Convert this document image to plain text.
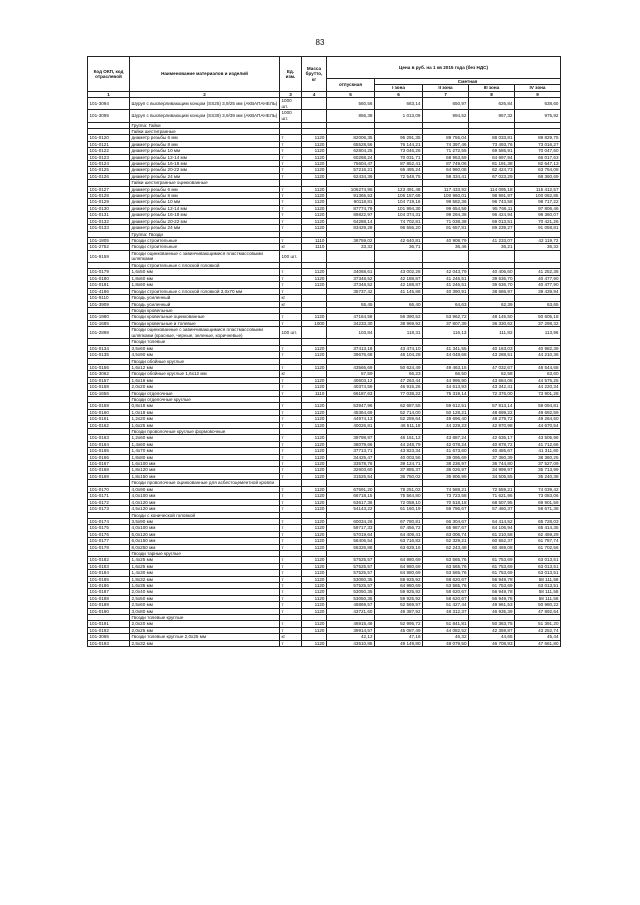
83
Код ОКП, код отраслевой	Наименование материалов и изделий	Ед. изм.	Масса брутто, кг	Цена в руб. на 1 кв 2015 года (без НДС)				
				отпускная	Сметная			
					I зона	II зона	III зона	IV зона
1	2	3	4	5	6	7	8	9
101-3094	Шуруп с высверливающим концом (SS25) 3,9/25 мм (АКВАПАНЕЛЬ)	1000 шт.		560,56	663,14	650,97	626,84	638,60
101-3095	Шуруп с высверливающим концом (SS39) 3,9/39 мм (АКВАПАНЕЛЬ)	1000 шт.		856,38	1 013,09	994,52	957,32	975,92
	Группа: Гайки							
	Гайки шестигранные							
101-0120	диаметр резьбы 6 мм	т	1120	82006,35	95 291,35	89 755,04	88 033,81	89 829,75
101-0121	диаметр резьбы 8 мм	т	1120	65528,56	76 144,21	74 397,46	73 493,76	73 016,27
101-0122	диаметр резьбы 10 мм	т	1120	62804,25	73 046,26	71 272,55	69 586,91	70 047,50
101-0123	диаметр резьбы 12-14 мм	т	1120	60268,24	70 031,71	68 953,59	64 697,94	66 017,63
101-0124	диаметр резьбы 16-18 мм	т	1120	75604,47	87 852,41	87 749,06	81 191,38	82 647,13
101-0125	диаметр резьбы 20-22 мм	т	1120	57216,21	66 485,24	64 960,08	62 424,73	63 754,08
101-0126	диаметр резьбы 24 мм	т	1120	62434,36	72 548,75	58 334,41	67 023,29	68 360,69
	Гайки шестигранные оцинкованные							
101-0127	диаметр резьбы 6 мм	т	1120	106274,95	123 491,48	117 433,92	114 095,18	115 412,57
101-0128	диаметр резьбы 8 мм	т	1120	91365,53	106 157,69	100 960,01	98 991,97	100 062,85
101-0129	диаметр резьбы 10 мм	т	1120	90118,81	104 719,16	99 582,36	96 743,58	98 717,22
101-0130	диаметр резьбы 12-14 мм	т	1120	87774,79	101 994,30	99 654,56	95 766,11	97 806,46
101-0131	диаметр резьбы 16-18 мм	т	1120	89822,97	104 374,31	99 294,38	96 424,94	98 360,07
101-0132	диаметр резьбы 20-22 мм	т	1120	64288,14	74 702,81	71 038,38	69 013,51	70 421,26
101-0133	диаметр резьбы 24 мм	т	1120	83429,28	96 556,20	91 657,81	89 239,27	91 058,81
	Группа: Гвозди							
101-1805	Гвозди строительные	т	1110	36759,02	42 640,81	40 908,79	41 233,07	42 119,72
101-2752	Гвозди строительные	кг	1110	33,32	36,71	36,46	36,21	36,32
101-9159	Гвозди оцинкованные с завинчивающимися пластмассовыми шляпками	100 шт.						
	Гвозди строительные с плоской головкой							
101-0179	1,6х50 мм	т	1120	34068,61	43 002,28	42 043,79	40 406,60	41 252,36
101-0180	1,8х60 мм	т	1120	37348,52	42 188,87	41 246,51	39 636,70	40 477,90
101-0181	1,8х60 мм	т	1120	37348,52	42 188,87	41 246,51	39 636,70	40 477,90
101-4186	Гвозди строительные с плоской головкой 3,0х70 мм	т		35737,42	41 145,88	40 390,91	38 686,97	39 439,94
101-9110	Гвоздь усиленный	кг						
101-3909	Гвоздь усиленный	кг		55,45	66,40	64,63	62,39	63,65
	Гвозди кровельные							
101-1980	Гвозди кровельные оцинкованные	т	1120	47164,58	56 390,52	53 962,72	48 145,50	50 605,18
101-1685	Гвозди кровельные и толевые	т	1000	34233,30	38 969,92	37 807,39	36 330,62	37 298,32
101-2898	Гвозди оцинкованные с завинчивающимися пластмассовыми шляпками (красные, черные, зеленые, коричневые)	100 шт.		103,84	118,31	116,13	111,82	113,96
	Гвозди толевые							
101-0134	3,5х60 мм	т	1120	37413,18	43 474,10	41 341,55	40 163,03	40 982,39
101-0135	4,5х90 мм	т	1120	39676,68	46 104,28	44 048,68	43 288,51	44 210,36
	Гвозди обойные круглые							
101-0156	1,6х12 мм	т	1120	43566,69	50 624,49	49 463,15	47 032,67	48 544,68
101-3062	Гвозди обойные круглые 1,6х12 мм	кг		57,59	66,23	66,50	62,58	63,60
101-0157	1,6х16 мм	т	1120	40603,12	47 263,44	44 995,90	43 684,08	44 575,25
101-0158	2,0х20 мм	т	1120	40374,59	46 915,26	44 613,93	43 342,41	44 220,34
101-1656	Гвозди отделочные	т	1110	66187,63	77 038,22	75 319,14	72 376,00	73 901,28
	Гвозди отделочные круглые							
101-0159	0,8х18 мм	т	1120	53947,96	62 687,55	59 612,51	57 913,14	59 094,81
101-0160	1,0х18 мм	т	1120	45364,69	52 714,00	50 128,21	48 699,22	49 692,59
101-0161	1,2х20 мм	т	1120	44974,13	52 259,64	49 696,40	48 279,72	49 264,50
101-0162	1,6х25 мм	т	1120	40026,81	46 511,18	44 229,23	42 970,98	44 670,54
	Гвозди проволочные круглые формовочные							
101-0163	1,2х60 мм	т	1120	39798,97	46 151,12	43 887,24	42 636,17	43 505,96
101-0164	1,4х60 мм	т	1120	38079,66	44 248,79	42 078,24	40 878,72	41 712,66
101-0165	1,4х70 мм	т	1120	37713,71	43 823,34	41 673,60	40 485,67	41 311,60
101-0166	1,8х80 мм	т	1120	34425,47	40 003,56	39 095,69	37 360,39	38 360,25
101-0167	1,6х100 мм	т	1120	33578,76	39 124,71	38 236,97	36 744,80	37 527,09
101-0168	1,8х120 мм	т	1120	32603,60	37 885,37	36 026,97	34 999,97	35 713,99
101-0169	1,8х150 мм	т	1120	31526,54	36 750,02	35 906,99	34 505,55	35 240,38
	Гвозди проволочные оцинкованные для асбестоцементной кровли							
101-0170	4,0х90 мм	т	1120	67591,20	78 251,02	74 588,21	72 559,21	74 039,42
101-0171	4,0х100 мм	т	1120	66718,15	75 564,80	73 723,58	71 621,95	73 083,06
101-0172	4,0х120 мм	т	1120	63617,36	72 058,10	70 518,18	68 507,95	69 901,59
101-0173	4,5х120 мм	т	1120	54143,22	61 160,19	59 796,67	57 460,37	58 671,38
	Гвозди с конической головкой							
101-0174	3,5х90 мм	т	1120	60034,26	67 780,81	66 304,67	64 414,52	65 728,03
101-0175	4,0х100 мм	т	1120	59717,33	67 456,72	65 987,67	64 106,94	65 414,35
101-0176	5,0х120 мм	т	1120	57019,64	64 409,41	63 006,74	61 210,58	62 459,29
101-0177	6,0х150 мм	т	1120	56406,54	63 716,82	62 329,21	60 552,37	61 787,74
101-0178	8,0х250 мм	т	1120	56326,88	63 629,16	62 243,48	60 469,08	61 702,56
	Гвозди тарные круглые							
101-0182	1,4х25 мм	т	1120	57525,57	64 980,69	63 565,76	61 753,69	63 013,51
101-0183	1,6х25 мм	т	1120	57525,57	64 980,69	63 565,76	61 753,69	63 013,51
101-0184	1,4х30 мм	т	1120	57525,57	64 980,69	63 565,76	61 753,69	63 013,51
101-0185	1,8х32 мм	т	1120	53050,35	59 925,92	58 620,67	56 949,78	58 111,58
101-0186	1,6х35 мм	т	1120	57525,57	64 980,69	63 565,76	61 753,69	63 013,51
101-0187	2,0х40 мм	т	1120	53050,35	59 925,92	58 620,67	56 949,78	58 111,58
101-0188	2,5х50 мм	т	1120	53050,35	59 925,92	58 620,67	56 949,78	58 111,58
101-0189	2,5х60 мм	т	1120	46869,57	52 569,97	51 427,44	49 961,53	50 980,22
101-0190	3,0х80 мм	т	1120	43721,60	49 387,92	48 312,37	46 935,39	47 892,64
	Гвозди толевые круглые							
101-0191	2,0х20 мм	т	1120	46915,46	52 995,72	51 841,81	50 363,75	51 391,20
101-0192	2,0х25 мм	т	1120	39914,57	45 087,49	44 082,52	42 359,87	43 252,74
101-3065	Гвозди толевые круглые 2,0х25 мм	кг		42,12	47,16	46,32	44,65	45,44
101-0193	2,5х32 мм	т	1120	43510,85	49 149,80	48 079,50	46 708,93	47 661,80
